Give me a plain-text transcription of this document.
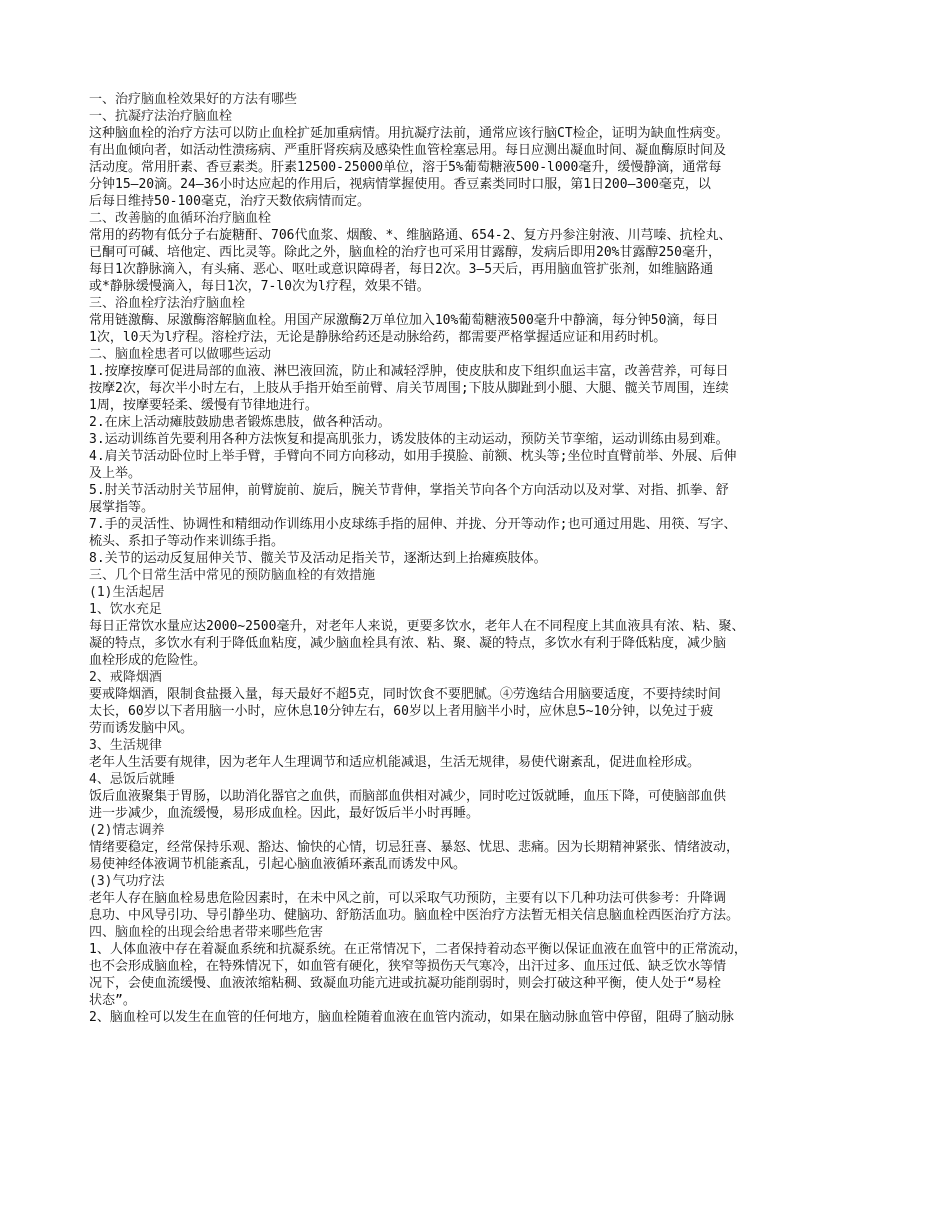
一、治疗脑血栓效果好的方法有哪些
一、抗凝疗法治疗脑血栓
这种脑血栓的治疗方法可以防止血栓扩延加重病情。用抗凝疗法前，通常应该行脑CT检企，证明为缺血性病变。
有出血倾向者，如活动性溃疡病、严重肝肾疾病及感染性血管栓塞忌用。每日应测出凝血时间、凝血酶原时间及
活动度。常用肝素、香豆素类。肝素12500-25000单位，溶于5%葡萄糖液500-l000毫升，缓慢静滴，通常每
分钟15—20滴。24—36小时达应起的作用后，视病情掌握使用。香豆素类同时口服，第1日200—300毫克，以
后每日维持50-100毫克，治疗天数依病情而定。
二、改善脑的血循环治疗脑血栓
常用的药物有低分子右旋糖酐、706代血浆、烟酸、*、维脑路通、654-2、复方丹参注射液、川芎嗪、抗栓丸、
已酮可可碱、培他定、西比灵等。除此之外，脑血栓的治疗也可采用甘露醇，发病后即用20%甘露醇250毫升，
每日1次静脉滴入，有头痛、恶心、呕吐或意识障碍者，每日2次。3—5天后，再用脑血管扩张剂，如维脑路通
或*静脉缓慢滴入，每日1次，7-l0次为l疗程，效果不错。
三、浴血栓疗法治疗脑血栓
常用链激酶、尿激酶溶解脑血栓。用国产尿激酶2万单位加入10%葡萄糖液500毫升中静滴，每分钟50滴，每日
1次，l0天为l疗程。溶栓疗法，无论是静脉给药还是动脉给药，都需要严格掌握适应证和用药时机。
二、脑血栓患者可以做哪些运动
1.按摩按摩可促进局部的血液、淋巴液回流，防止和减轻浮肿，使皮肤和皮下组织血运丰富，改善营养，可每日
按摩2次，每次半小时左右，上肢从手指开始至前臂、肩关节周围;下肢从脚趾到小腿、大腿、髋关节周围，连续
1周，按摩要轻柔、缓慢有节律地进行。
2.在床上活动瘫肢鼓励患者锻炼患肢，做各种活动。
3.运动训练首先要利用各种方法恢复和提高肌张力，诱发肢体的主动运动，预防关节挛缩，运动训练由易到难。
4.肩关节活动卧位时上举手臂，手臂向不同方向移动，如用手摸脸、前额、枕头等;坐位时直臂前举、外展、后伸
及上举。
5.肘关节活动肘关节屈伸，前臂旋前、旋后，腕关节背伸，掌指关节向各个方向活动以及对掌、对指、抓拳、舒
展掌指等。
7.手的灵活性、协调性和精细动作训练用小皮球练手指的屈伸、并拢、分开等动作;也可通过用匙、用筷、写字、
梳头、系扣子等动作来训练手指。
8.关节的运动反复屈伸关节、髋关节及活动足指关节，逐渐达到上抬瘫痪肢体。
三、几个日常生活中常见的预防脑血栓的有效措施
(1)生活起居
1、饮水充足
每日正常饮水量应达2000~2500毫升，对老年人来说，更要多饮水，老年人在不同程度上其血液具有浓、粘、聚、
凝的特点，多饮水有利于降低血粘度，减少脑血栓具有浓、粘、聚、凝的特点，多饮水有利于降低粘度，减少脑
血栓形成的危险性。
2、戒降烟酒
要戒降烟酒，限制食盐摄入量，每天最好不超5克，同时饮食不要肥腻。④劳逸结合用脑要适度，不要持续时间
太长，60岁以下者用脑一小时，应休息10分钟左右，60岁以上者用脑半小时，应休息5~10分钟，以免过于疲
劳而诱发脑中风。
3、生活规律
老年人生活要有规律，因为老年人生理调节和适应机能减退，生活无规律，易使代谢紊乱，促进血栓形成。
4、忌饭后就睡
饭后血液聚集于胃肠，以助消化器官之血供，而脑部血供相对减少，同时吃过饭就睡，血压下降，可使脑部血供
进一步减少，血流缓慢，易形成血栓。因此，最好饭后半小时再睡。
(2)情志调养
情绪要稳定，经常保持乐观、豁达、愉快的心情，切忌狂喜、暴怒、忧思、悲痛。因为长期精神紧张、情绪波动，
易使神经体液调节机能紊乱，引起心脑血液循环紊乱而诱发中风。
(3)气功疗法
老年人存在脑血栓易患危险因素时，在未中风之前，可以采取气功预防，主要有以下几种功法可供参考：升降调
息功、中风导引功、导引静坐功、健脑功、舒筋活血功。脑血栓中医治疗方法暂无相关信息脑血栓西医治疗方法。
四、脑血栓的出现会给患者带来哪些危害
1、人体血液中存在着凝血系统和抗凝系统。在正常情况下，二者保持着动态平衡以保证血液在血管中的正常流动，
也不会形成脑血栓，在特殊情况下，如血管有硬化，狭窄等损伤天气寒冷，出汗过多、血压过低、缺乏饮水等情
况下，会使血流缓慢、血液浓缩粘稠、致凝血功能亢进或抗凝功能削弱时，则会打破这种平衡，使人处于“易栓
状态”。
2、脑血栓可以发生在血管的任何地方，脑血栓随着血液在血管内流动，如果在脑动脉血管中停留，阻碍了脑动脉
